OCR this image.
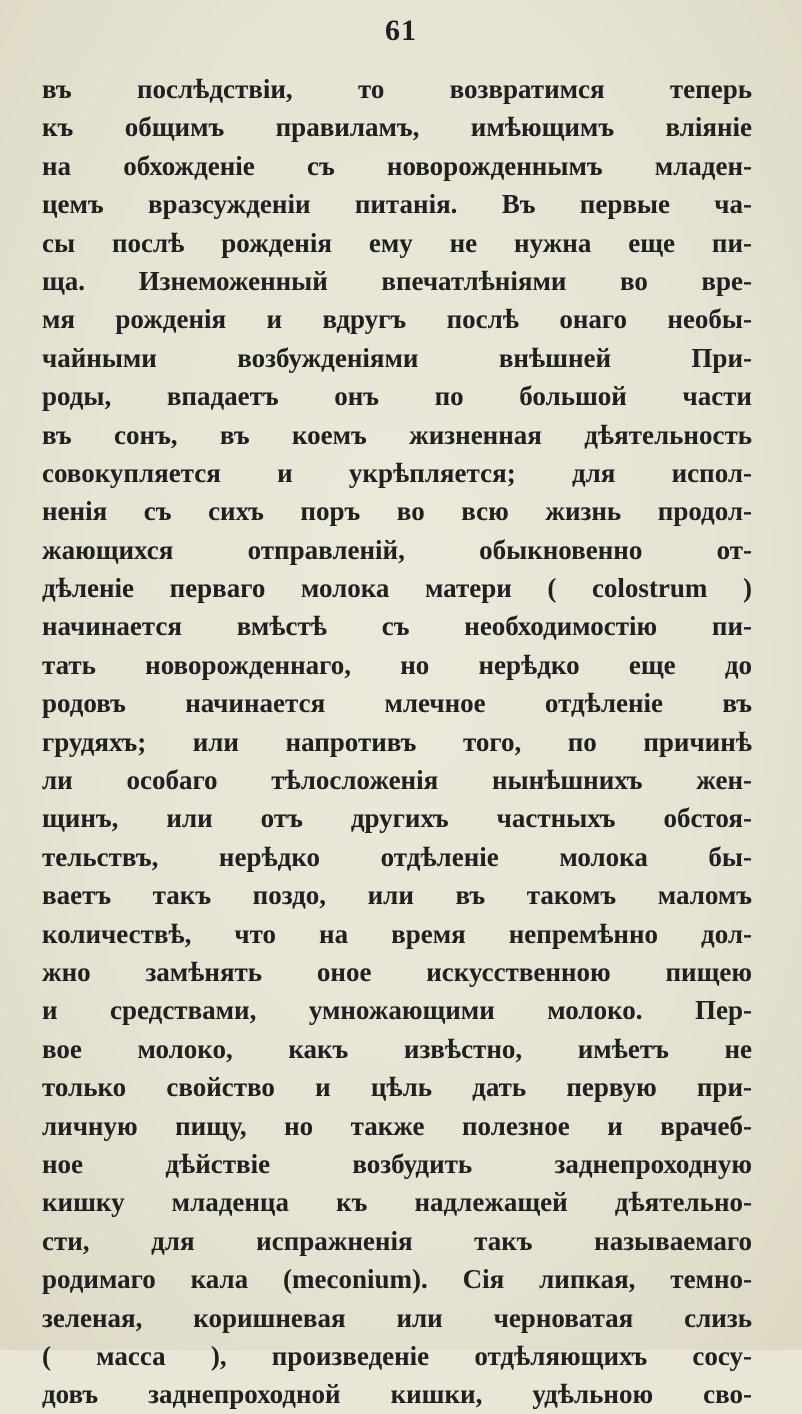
61
въ послѣдствiи, то возвратимся теперь
къ общимъ правиламъ, имѣющимъ влiянiе
на обхожденiе съ новорожденнымъ младен-
цемъ вразсужденiи питанiя. Въ первые ча-
сы послѣ рожденiя ему не нужна еще пи-
ща. Изнеможенный впечатлѣнiями во вре-
мя рожденiя и вдругъ послѣ онаго необы-
чайными возбужденiями внѣшней При-
роды, впадаетъ онъ по большой части
въ сонъ, въ коемъ жизненная дѣятельность
совокупляется и укрѣпляется; для испол-
ненiя съ сихъ поръ во всю жизнь продол-
жающихся отправленiй, обыкновенно от-
дѣленiе перваго молока матери ( colostrum )
начинается вмѣстѣ съ необходимостiю пи-
тать новорожденнаго, но нерѣдко еще до
родовъ начинается млечное отдѣленiе въ
грудяхъ; или напротивъ того, по причинѣ
ли особаго тѣлосложенiя нынѣшнихъ жен-
щинъ, или отъ другихъ частныхъ обстоя-
тельствъ, нерѣдко отдѣленiе молока бы-
ваетъ такъ поздо, или въ такомъ маломъ
количествѣ, что на время непремѣнно дол-
жно замѣнять оное искусственною пищею
и средствами, умножающими молоко. Пер-
вое молоко, какъ извѣстно, имѣетъ не
только свойство и цѣль дать первую при-
личную пищу, но также полезное и врачеб-
ное дѣйствiе возбудить заднепроходную
кишку младенца къ надлежащей дѣятельно-
сти, для испражненiя такъ называемаго
родимаго кала (meconium). Сiя липкая, темно-
зеленая, коришневая или черноватая слизь
( масса ), произведенiе отдѣляющихъ сосу-
довъ заднепроходной кишки, удѣльною сво-
